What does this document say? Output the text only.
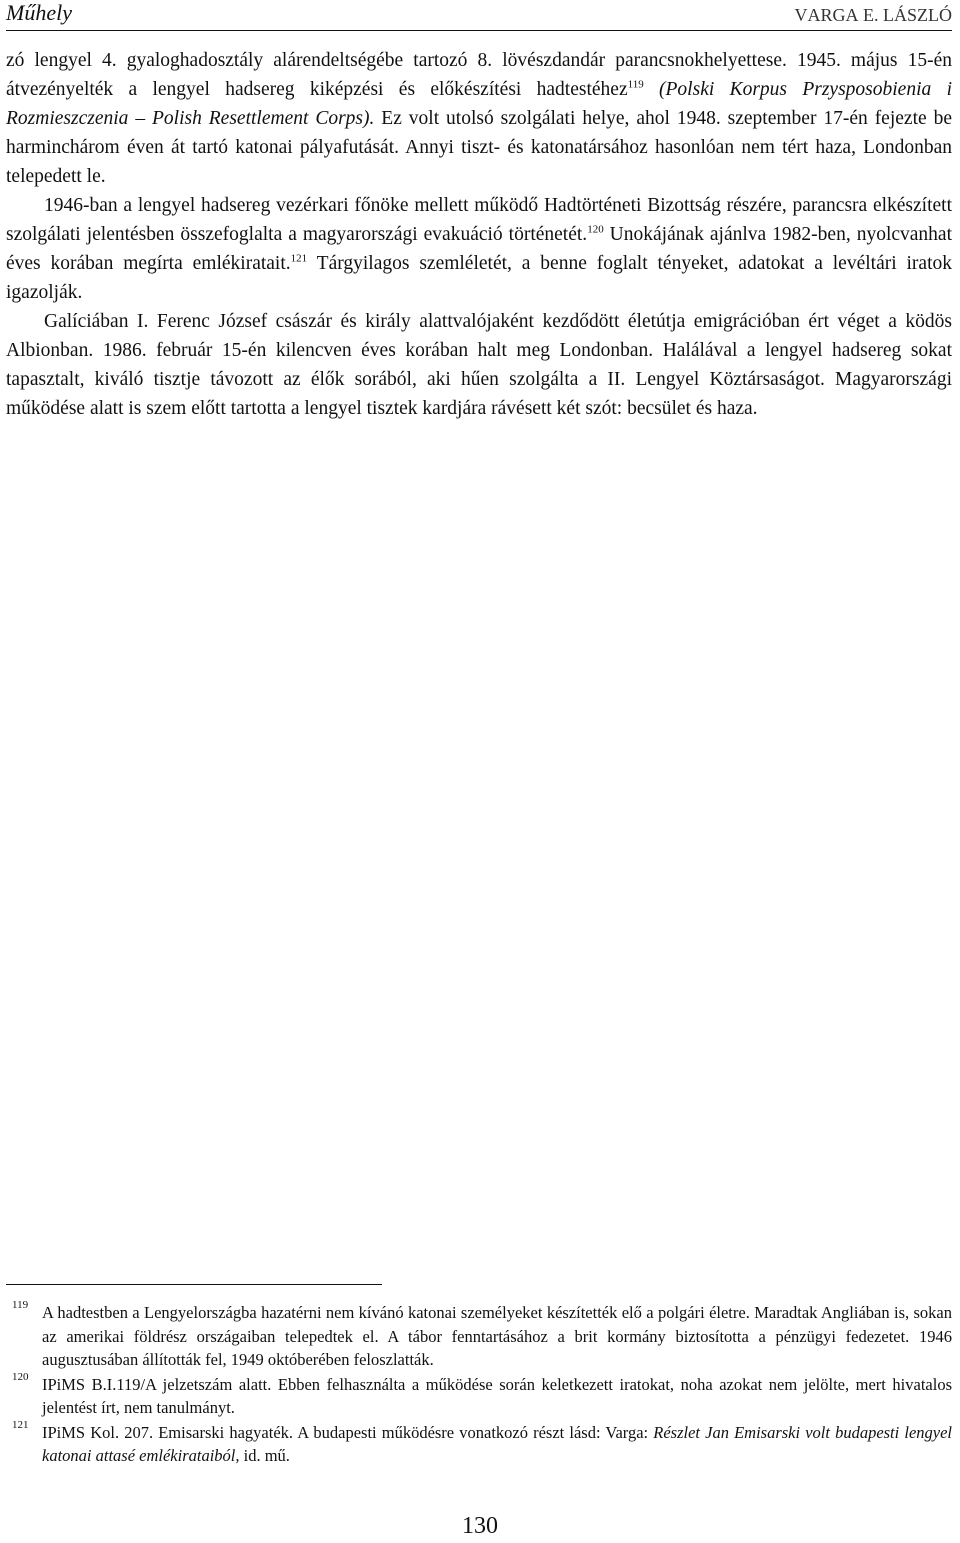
Műhely	VARGA E. LÁSZLÓ

zó lengyel 4. gyaloghadosztály alárendeltségébe tartozó 8. lövészdandár parancsnokhelyettese. 1945. május 15-én átvezényelték a lengyel hadsereg kiképzési és előkészítési hadtestéhez$^{119}$ (Polski Korpus Przysposobienia i Rozmieszczenia – Polish Resettlement Corps). Ez volt utolsó szolgálati helye, ahol 1948. szeptember 17-én fejezte be harminchárom éven át tartó katonai pályafutását. Annyi tiszt- és katonatársához hasonlóan nem tért haza, Londonban telepedett le.

1946-ban a lengyel hadsereg vezérkari főnöke mellett működő Hadtörténeti Bizottság részére, parancsra elkészített szolgálati jelentésben összefoglalta a magyarországi evakuáció történetét.$^{120}$ Unokájának ajánlva 1982-ben, nyolcvanhat éves korában megírta emlékiratait.$^{121}$ Tárgyilagos szemléletét, a benne foglalt tényeket, adatokat a levéltári iratok igazolják.

Galíciában I. Ferenc József császár és király alattvalójaként kezdődött életútja emigrációban ért véget a ködös Albionban. 1986. február 15-én kilencven éves korában halt meg Londonban. Halálával a lengyel hadsereg sokat tapasztalt, kiváló tisztje távozott az élők sorából, aki hűen szolgálta a II. Lengyel Köztársaságot. Magyarországi működése alatt is szem előtt tartotta a lengyel tisztek kardjára rávésett két szót: becsület és haza.

119 A hadtestben a Lengyelországba hazatérni nem kívánó katonai személyeket készítették elő a polgári életre. Maradtak Angliában is, sokan az amerikai földrész országaiban telepedtek el. A tábor fenntartásához a brit kormány biztosította a pénzügyi fedezetet. 1946 augusztusában állították fel, 1949 októberében feloszlatták.
120 IPiMS B.I.119/A jelzetszám alatt. Ebben felhasználta a működése során keletkezett iratokat, noha azokat nem jelölte, mert hivatalos jelentést írt, nem tanulmányt.
121 IPiMS Kol. 207. Emisarski hagyaték. A budapesti működésre vonatkozó részt lásd: Varga: Részlet Jan Emisarski volt budapesti lengyel katonai attasé emlékirataiból, id. mű.
130
